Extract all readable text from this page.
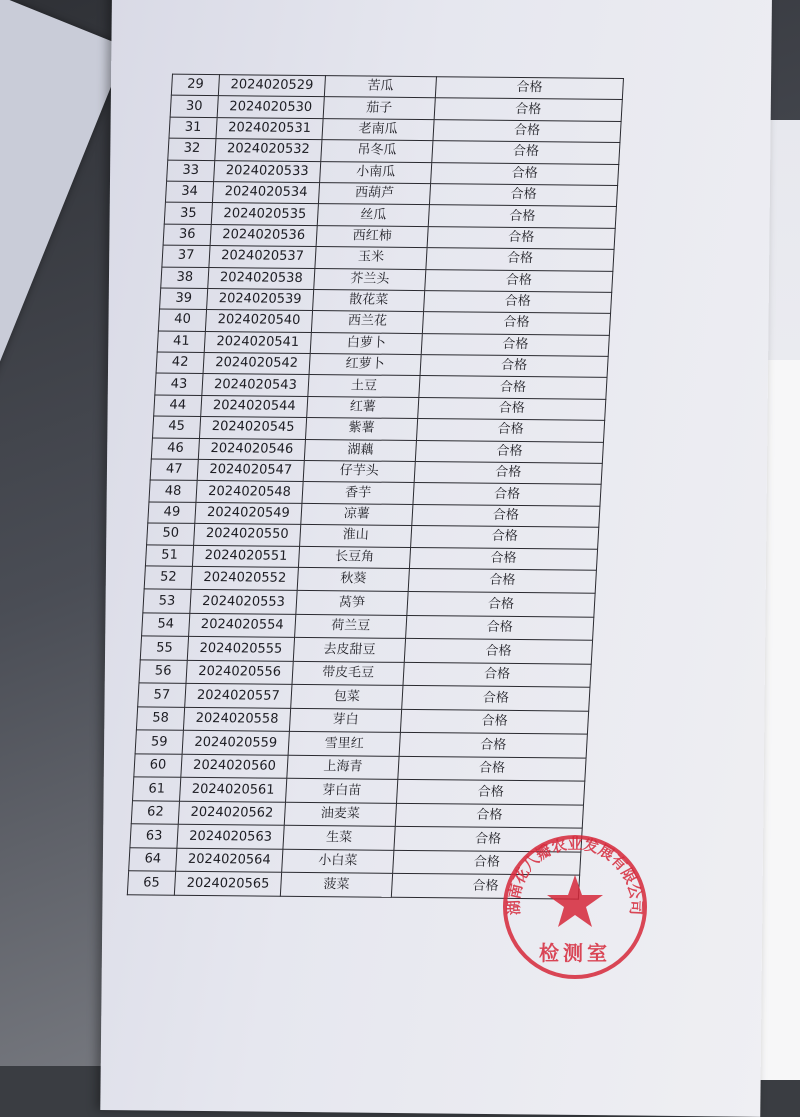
29	2024020529	苦瓜	合格
30	2024020530	茄子	合格
31	2024020531	老南瓜	合格
32	2024020532	吊冬瓜	合格
33	2024020533	小南瓜	合格
34	2024020534	西葫芦	合格
35	2024020535	丝瓜	合格
36	2024020536	西红柿	合格
37	2024020537	玉米	合格
38	2024020538	芥兰头	合格
39	2024020539	散花菜	合格
40	2024020540	西兰花	合格
41	2024020541	白萝卜	合格
42	2024020542	红萝卜	合格
43	2024020543	土豆	合格
44	2024020544	红薯	合格
45	2024020545	紫薯	合格
46	2024020546	湖藕	合格
47	2024020547	仔芋头	合格
48	2024020548	香芋	合格
49	2024020549	凉薯	合格
50	2024020550	淮山	合格
51	2024020551	长豆角	合格
52	2024020552	秋葵	合格
53	2024020553	莴笋	合格
54	2024020554	荷兰豆	合格
55	2024020555	去皮甜豆	合格
56	2024020556	带皮毛豆	合格
57	2024020557	包菜	合格
58	2024020558	芽白	合格
59	2024020559	雪里红	合格
60	2024020560	上海青	合格
61	2024020561	芽白苗	合格
62	2024020562	油麦菜	合格
63	2024020563	生菜	合格
64	2024020564	小白菜	合格
65	2024020565	菠菜	合格
湖南花八瓣农业发展有限公司
检测室
